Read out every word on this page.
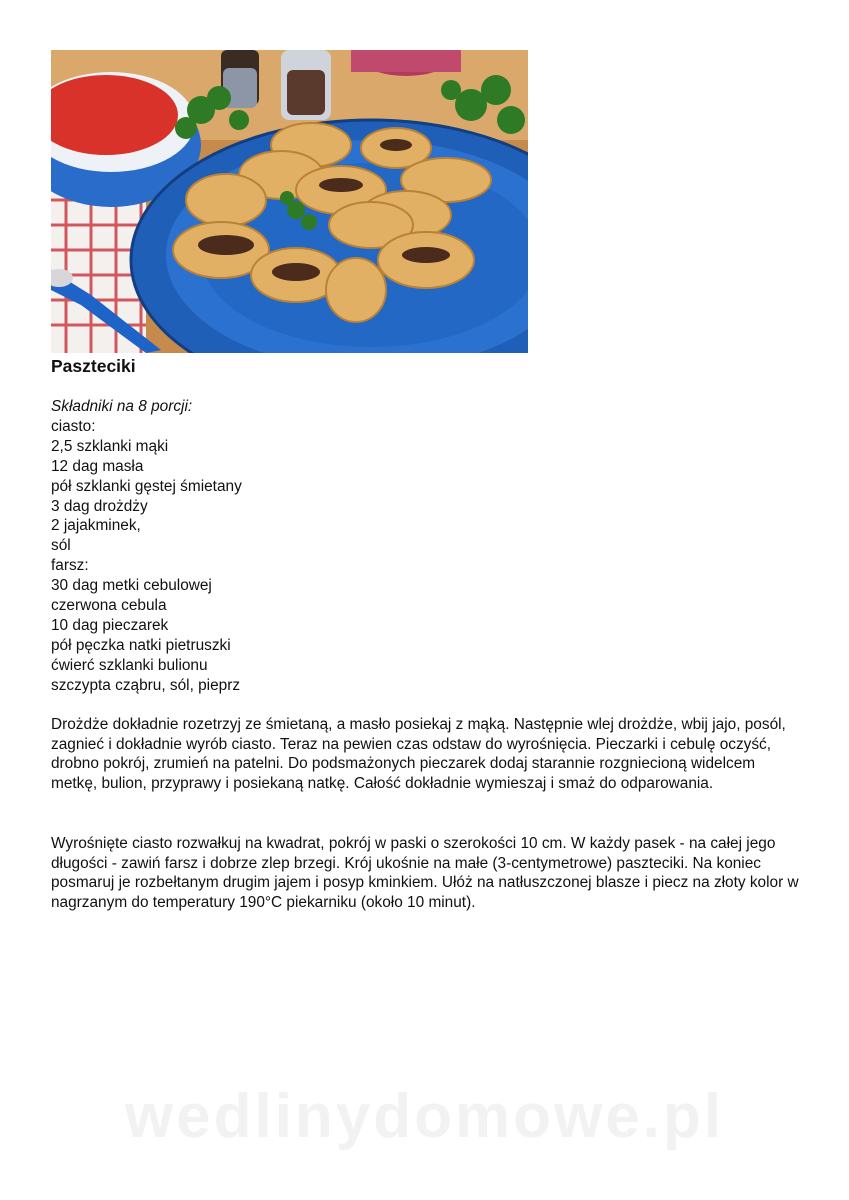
Paszteciki
Składniki na 8 porcji:
ciasto:
2,5 szklanki mąki
12 dag masła
pół szklanki gęstej śmietany
3 dag drożdży
2 jajakminek,
sól
farsz:
30 dag metki cebulowej
czerwona cebula
10 dag pieczarek
pół pęczka natki pietruszki
ćwierć szklanki bulionu
szczypta cząbru, sól, pieprz

Drożdże dokładnie rozetrzyj ze śmietaną, a masło posiekaj z mąką. Następnie wlej drożdże, wbij jajo, posól, zagnieć i dokładnie wyrób ciasto. Teraz na pewien czas odstaw do wyrośnięcia. Pieczarki i cebulę oczyść, drobno pokrój, zrumień na patelni. Do podsmażonych pieczarek dodaj starannie rozgniecioną widelcem metkę, bulion, przyprawy i posiekaną natkę. Całość dokładnie wymieszaj i smaż do odparowania.

Wyrośnięte ciasto rozwałkuj na kwadrat, pokrój w paski o szerokości 10 cm. W każdy pasek - na całej jego długości - zawiń farsz i dobrze zlep brzegi. Krój ukośnie na małe (3-centymetrowe) paszteciki. Na koniec posmaruj je rozbełtanym drugim jajem i posyp kminkiem. Ułóż na natłuszczonej blasze i piecz na złoty kolor w nagrzanym do temperatury 190°C piekarniku (około 10 minut).

wedlinydomowe.pl
